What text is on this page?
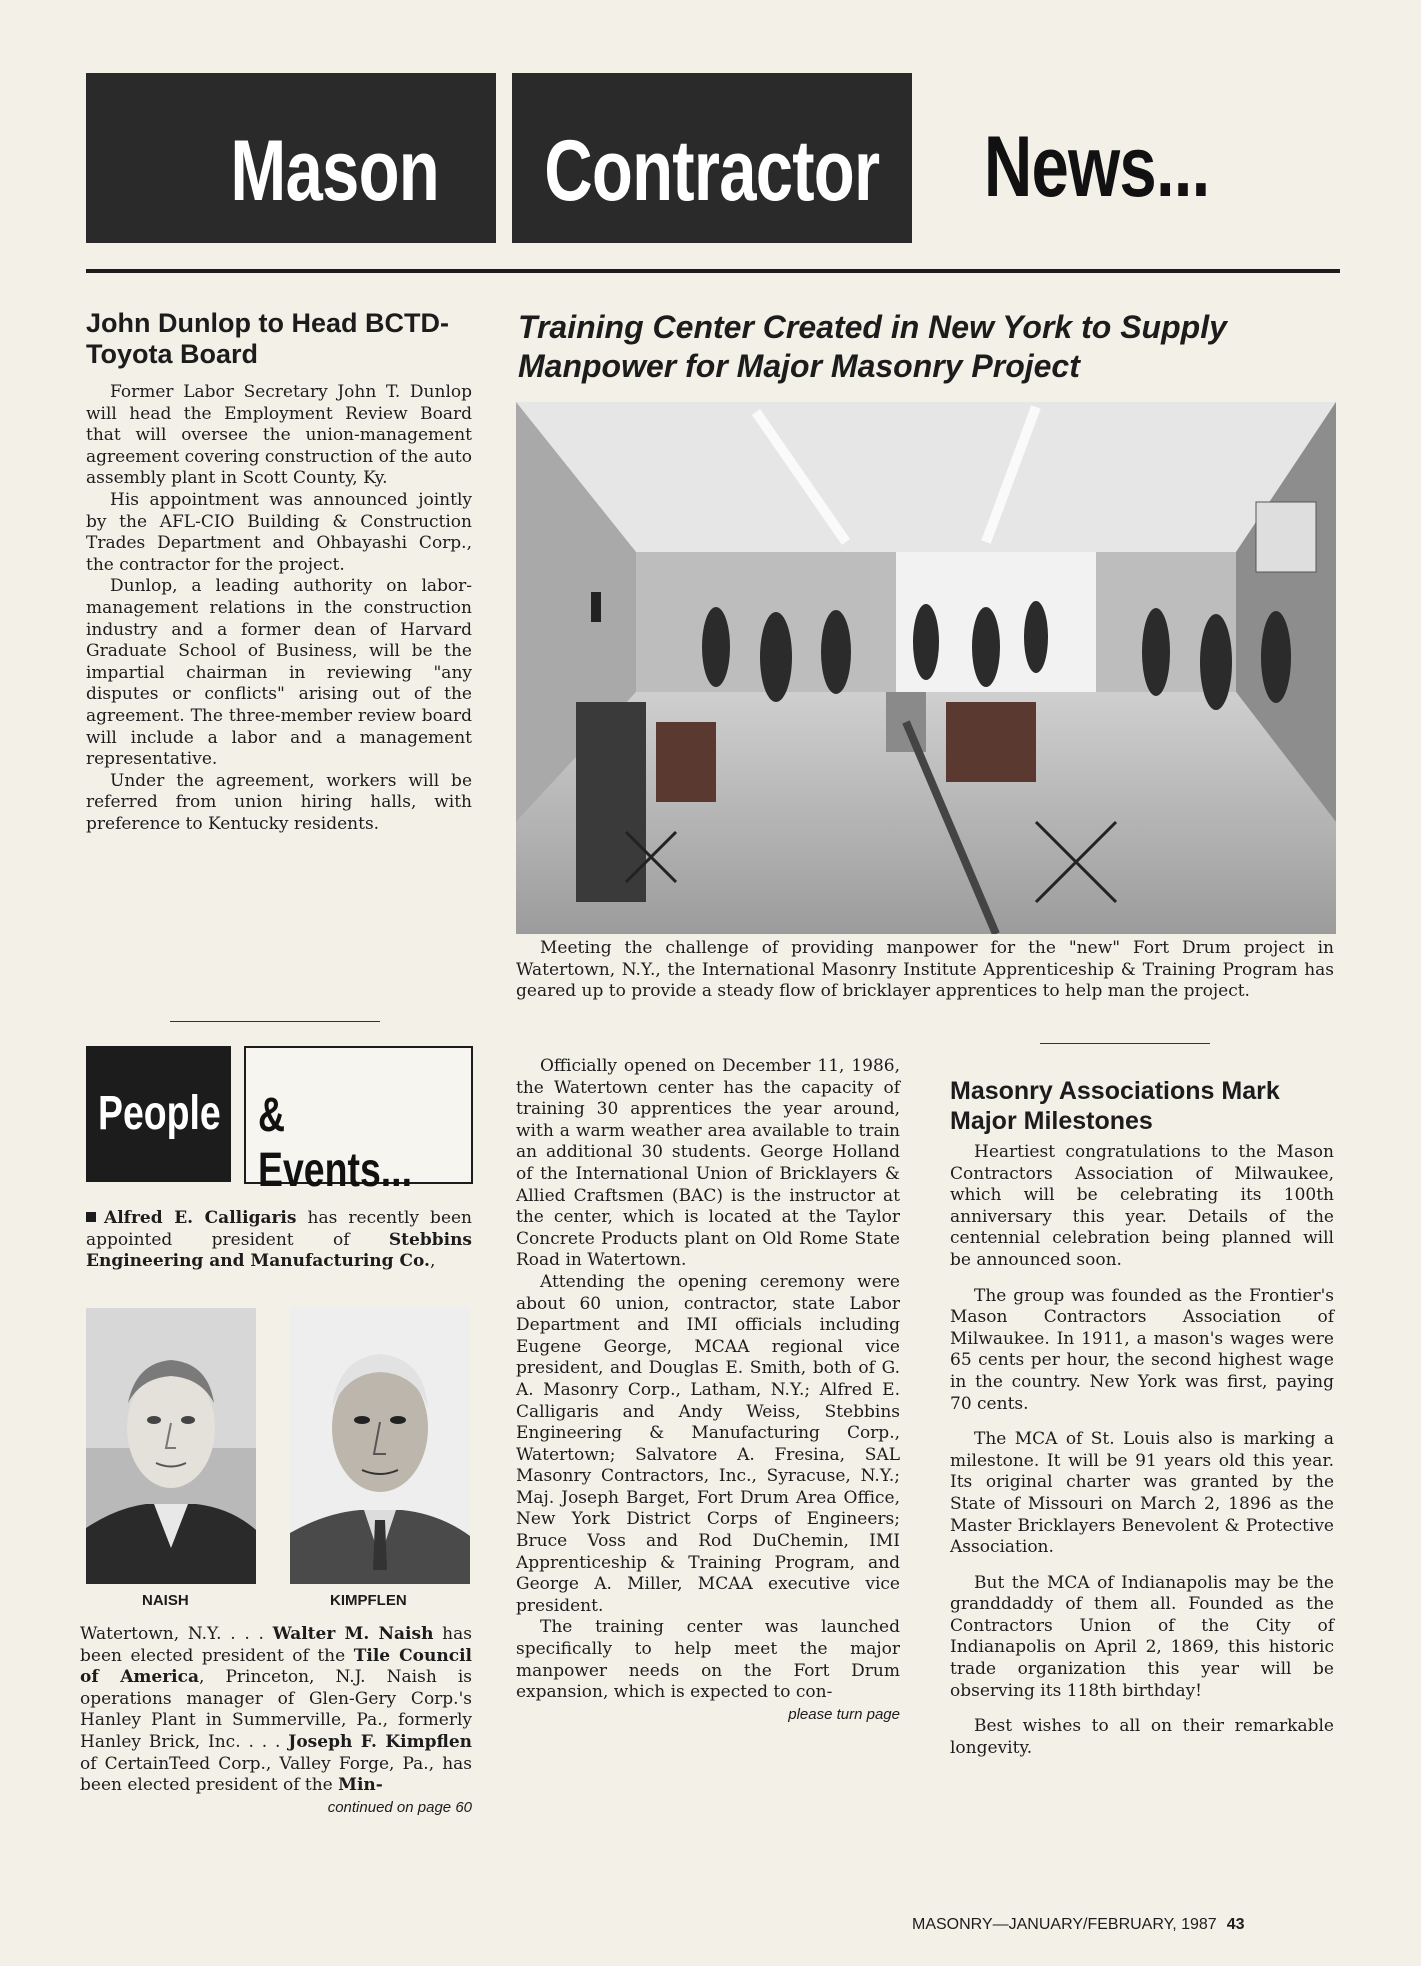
Mason Contractor	News...
John Dunlop to Head BCTD-Toyota Board

Former Labor Secretary John T. Dunlop will head the Employment Review Board that will oversee the union-management agreement covering construction of the auto assembly plant in Scott County, Ky.

His appointment was announced jointly by the AFL-CIO Building & Construction Trades Department and Ohbayashi Corp., the contractor for the project.

Dunlop, a leading authority on labor-management relations in the construction industry and a former dean of Harvard Graduate School of Business, will be the impartial chairman in reviewing "any disputes or conflicts" arising out of the agreement. The three-member review board will include a labor and a management representative.

Under the agreement, workers will be referred from union hiring halls, with preference to Kentucky residents.

People & Events...

Alfred E. Calligaris has recently been appointed president of Stebbins Engineering and Manufacturing Co.,

NAISH	KIMPFLEN

Watertown, N.Y. . . . Walter M. Naish has been elected president of the Tile Council of America, Princeton, N.J. Naish is operations manager of Glen-Gery Corp.'s Hanley Plant in Summerville, Pa., formerly Hanley Brick, Inc. . . . Joseph F. Kimpflen of CertainTeed Corp., Valley Forge, Pa., has been elected president of the Min-

continued on page 60

Training Center Created in New York to Supply Manpower for Major Masonry Project
Meeting the challenge of providing manpower for the "new" Fort Drum project in Watertown, N.Y., the International Masonry Institute Apprenticeship & Training Program has geared up to provide a steady flow of bricklayer apprentices to help man the project.

Officially opened on December 11, 1986, the Watertown center has the capacity of training 30 apprentices the year around, with a warm weather area available to train an additional 30 students. George Holland of the International Union of Bricklayers & Allied Craftsmen (BAC) is the instructor at the center, which is located at the Taylor Concrete Products plant on Old Rome State Road in Watertown.

Attending the opening ceremony were about 60 union, contractor, state Labor Department and IMI officials including Eugene George, MCAA regional vice president, and Douglas E. Smith, both of G. A. Masonry Corp., Latham, N.Y.; Alfred E. Calligaris and Andy Weiss, Stebbins Engineering & Manufacturing Corp., Watertown; Salvatore A. Fresina, SAL Masonry Contractors, Inc., Syracuse, N.Y.; Maj. Joseph Barget, Fort Drum Area Office, New York District Corps of Engineers; Bruce Voss and Rod DuChemin, IMI Apprenticeship & Training Program, and George A. Miller, MCAA executive vice president.

The training center was launched specifically to help meet the major manpower needs on the Fort Drum expansion, which is expected to con-

please turn page

Masonry Associations Mark Major Milestones

Heartiest congratulations to the Mason Contractors Association of Milwaukee, which will be celebrating its 100th anniversary this year. Details of the centennial celebration being planned will be announced soon.

The group was founded as the Frontier's Mason Contractors Association of Milwaukee. In 1911, a mason's wages were 65 cents per hour, the second highest wage in the country. New York was first, paying 70 cents.

The MCA of St. Louis also is marking a milestone. It will be 91 years old this year. Its original charter was granted by the State of Missouri on March 2, 1896 as the Master Bricklayers Benevolent & Protective Association.

But the MCA of Indianapolis may be the granddaddy of them all. Founded as the Contractors Union of the City of Indianapolis on April 2, 1869, this historic trade organization this year will be observing its 118th birthday!

Best wishes to all on their remarkable longevity.

MASONRY—JANUARY/FEBRUARY, 1987 43
